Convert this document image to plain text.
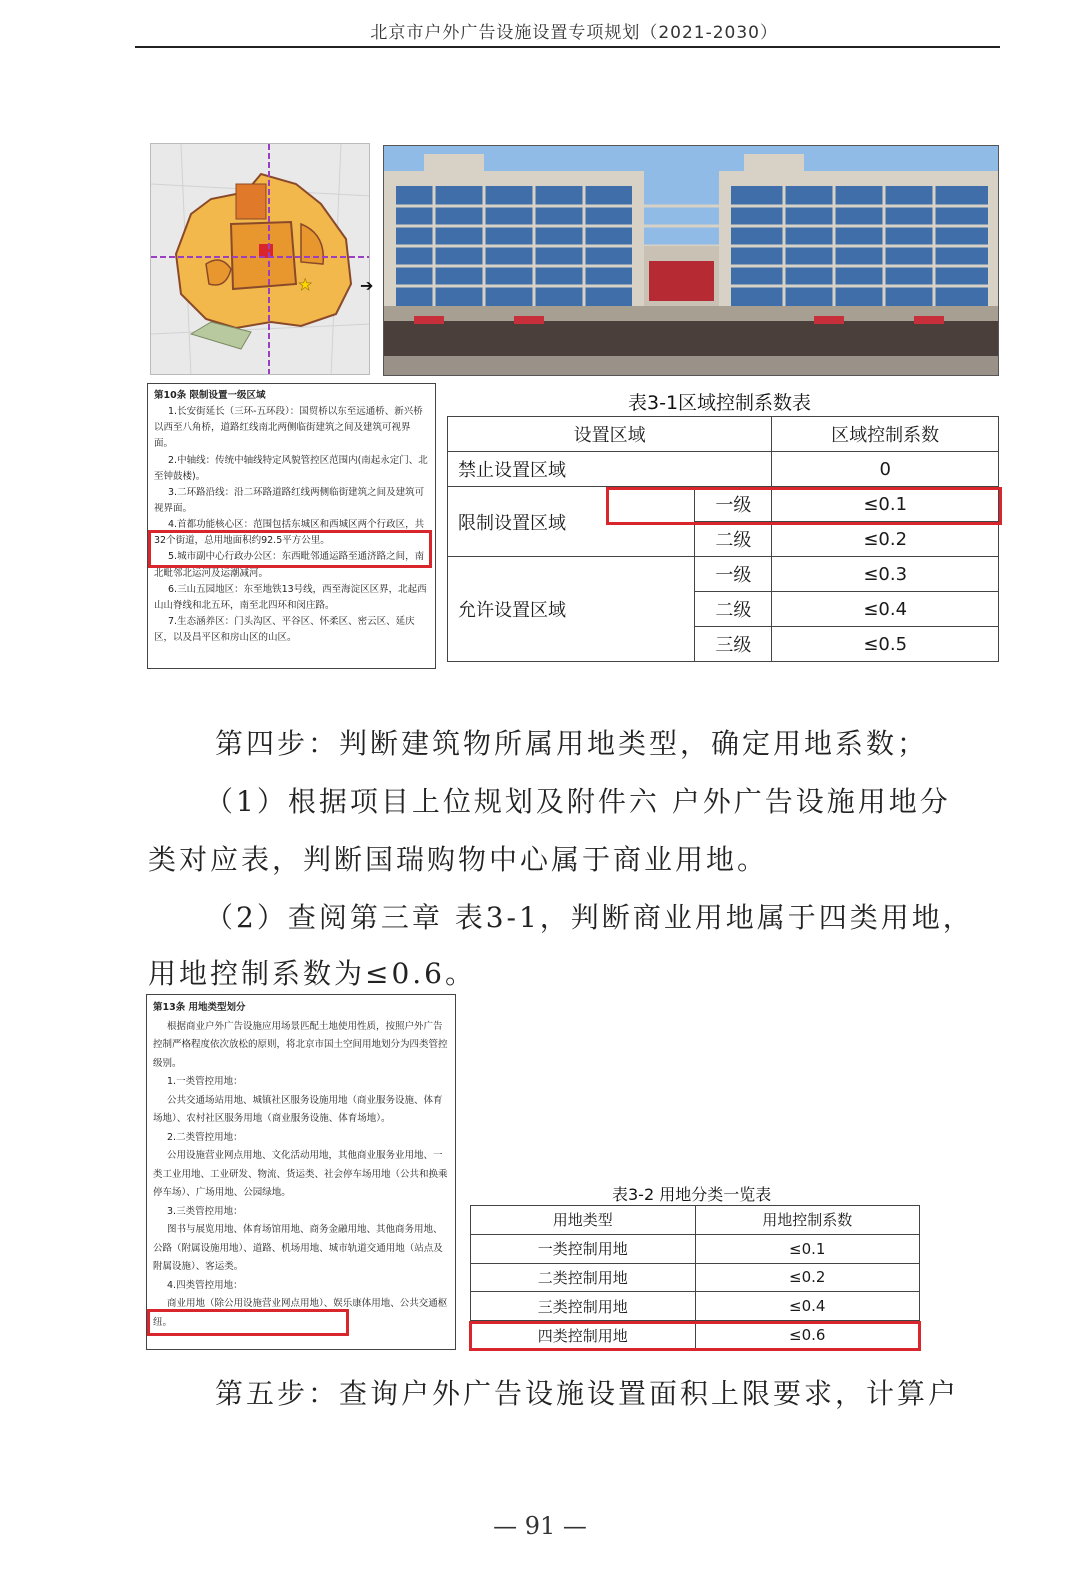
北京市户外广告设施设置专项规划（2021-2030）
★	➔
第10条 限制设置一级区域

1.长安街延长（三环-五环段）：国贸桥以东至远通桥、新兴桥以西至八角桥，道路红线南北两侧临街建筑之间及建筑可视界面。

2.中轴线：传统中轴线特定风貌管控区范围内(南起永定门、北至钟鼓楼)。

3.二环路沿线：沿二环路道路红线两侧临街建筑之间及建筑可视界面。

4.首都功能核心区：范围包括东城区和西城区两个行政区，共32个街道，总用地面积约92.5平方公里。

5.城市副中心行政办公区：东西毗邻通运路至通济路之间，南北毗邻北运河及运潮减河。

6.三山五园地区：东至地铁13号线，西至海淀区区界，北起西山山脊线和北五环，南至北四环和闵庄路。

7.生态涵养区：门头沟区、平谷区、怀柔区、密云区、延庆区，以及昌平区和房山区的山区。

表3-1区域控制系数表
设置区域		区域控制系数
禁止设置区域		0
限制设置区域	一级	≤0.1
	二级	≤0.2
允许设置区域	一级	≤0.3
	二级	≤0.4
	三级	≤0.5
第四步：判断建筑物所属用地类型，确定用地系数；
（1）根据项目上位规划及附件六 户外广告设施用地分
类对应表，判断国瑞购物中心属于商业用地。
（2）查阅第三章 表3-1，判断商业用地属于四类用地，
用地控制系数为≤0.6。
第13条 用地类型划分

根据商业户外广告设施应用场景匹配土地使用性质，按照户外广告控制严格程度依次放松的原则，将北京市国土空间用地划分为四类管控级别。

1.一类管控用地：

公共交通场站用地、城镇社区服务设施用地（商业服务设施、体育场地）、农村社区服务用地（商业服务设施、体育场地）。

2.二类管控用地：

公用设施营业网点用地、文化活动用地，其他商业服务业用地、一类工业用地、工业研发、物流、货运类、社会停车场用地（公共和换乘停车场）、广场用地、公园绿地。

3.三类管控用地：

图书与展览用地、体育场馆用地、商务金融用地、其他商务用地、公路（附属设施用地）、道路、机场用地、城市轨道交通用地（站点及附属设施）、客运类。

4.四类管控用地：

商业用地（除公用设施营业网点用地）、娱乐康体用地、公共交通枢纽。

表3-2 用地分类一览表
用地类型	用地控制系数
一类控制用地	≤0.1
二类控制用地	≤0.2
三类控制用地	≤0.4
四类控制用地	≤0.6
第五步：查询户外广告设施设置面积上限要求，计算户
— 91 —
